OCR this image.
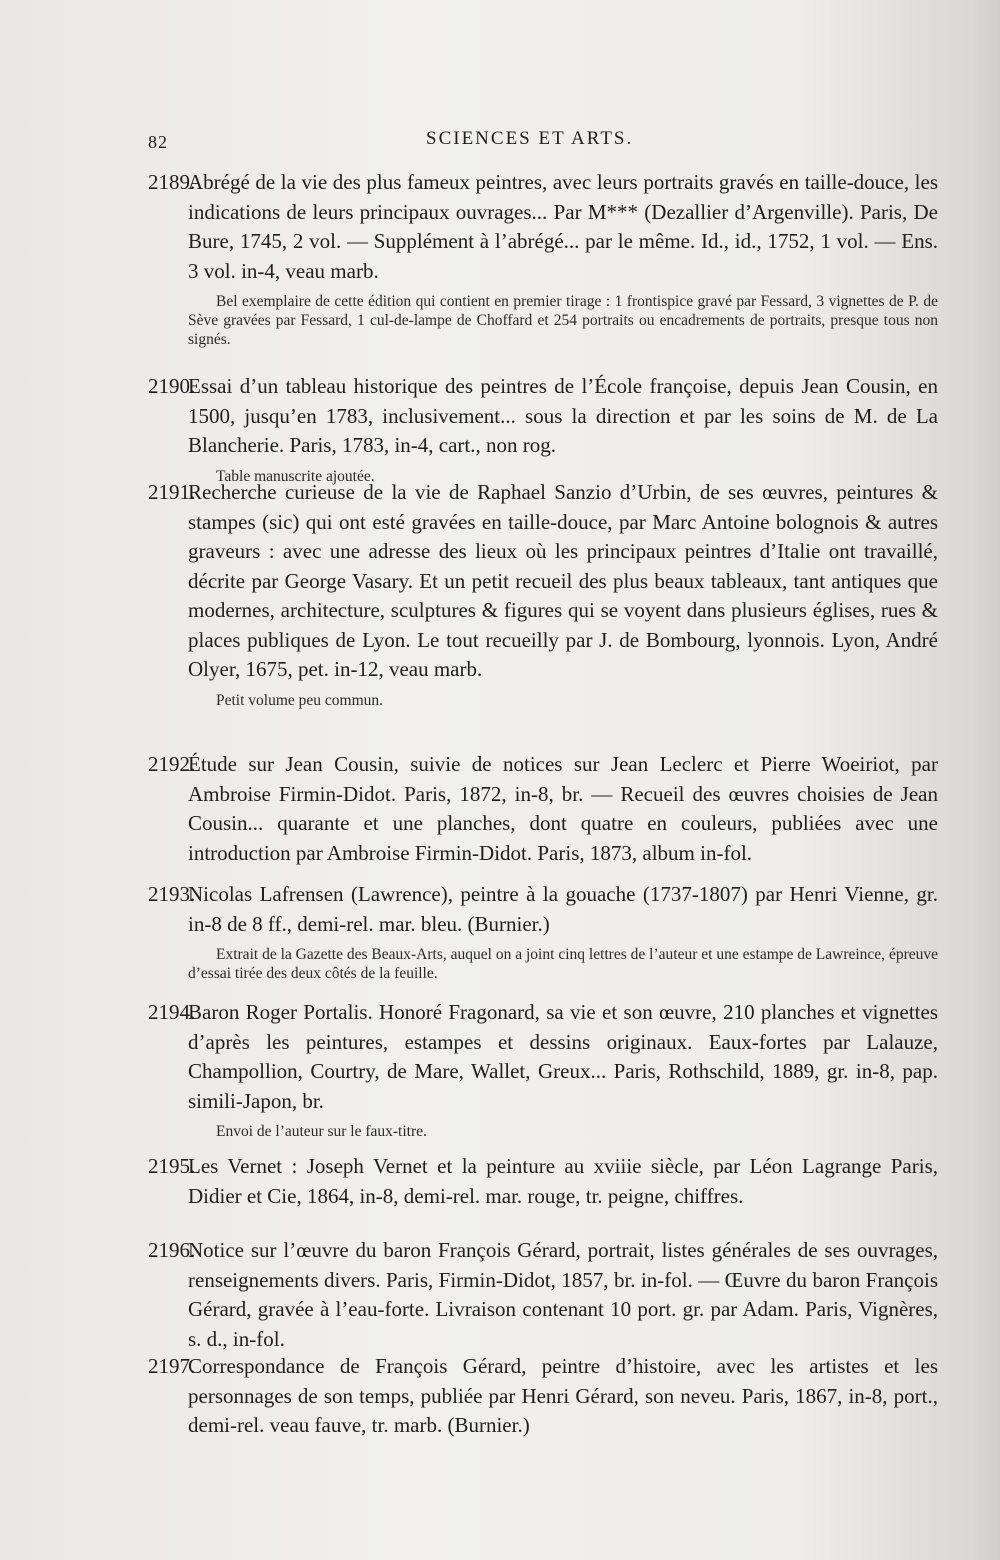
82	SCIENCES ET ARTS.

2189.Abrégé de la vie des plus fameux peintres, avec leurs portraits gravés en taille-douce, les indications de leurs principaux ouvrages... Par M*** (Dezallier d’Argenville). Paris, De Bure, 1745, 2 vol. — Supplément à l’abrégé... par le même. Id., id., 1752, 1 vol. — Ens. 3 vol. in-4, veau marb.

Bel exemplaire de cette édition qui contient en premier tirage : 1 frontispice gravé par Fessard, 3 vignettes de P. de Sève gravées par Fessard, 1 cul-de-lampe de Choffard et 254 portraits ou encadrements de portraits, presque tous non signés.

2190.Essai d’un tableau historique des peintres de l’École françoise, depuis Jean Cousin, en 1500, jusqu’en 1783, inclusivement... sous la direction et par les soins de M. de La Blancherie. Paris, 1783, in-4, cart., non rog.

Table manuscrite ajoutée.

2191.Recherche curieuse de la vie de Raphael Sanzio d’Urbin, de ses œuvres, peintures & stampes (sic) qui ont esté gravées en taille-douce, par Marc Antoine bolognois & autres graveurs : avec une adresse des lieux où les principaux peintres d’Italie ont travaillé, décrite par George Vasary. Et un petit recueil des plus beaux tableaux, tant antiques que modernes, architecture, sculptures & figures qui se voyent dans plusieurs églises, rues & places publiques de Lyon. Le tout recueilly par J. de Bombourg, lyonnois. Lyon, André Olyer, 1675, pet. in-12, veau marb.

Petit volume peu commun.

2192.Étude sur Jean Cousin, suivie de notices sur Jean Leclerc et Pierre Woeiriot, par Ambroise Firmin-Didot. Paris, 1872, in-8, br. — Recueil des œuvres choisies de Jean Cousin... quarante et une planches, dont quatre en couleurs, publiées avec une introduction par Ambroise Firmin-Didot. Paris, 1873, album in-fol.

2193.Nicolas Lafrensen (Lawrence), peintre à la gouache (1737-1807) par Henri Vienne, gr. in-8 de 8 ff., demi-rel. mar. bleu. (Burnier.)

Extrait de la Gazette des Beaux-Arts, auquel on a joint cinq lettres de l’auteur et une estampe de Lawreince, épreuve d’essai tirée des deux côtés de la feuille.

2194.Baron Roger Portalis. Honoré Fragonard, sa vie et son œuvre, 210 planches et vignettes d’après les peintures, estampes et dessins originaux. Eaux-fortes par Lalauze, Champollion, Courtry, de Mare, Wallet, Greux... Paris, Rothschild, 1889, gr. in-8, pap. simili-Japon, br.

Envoi de l’auteur sur le faux-titre.

2195.Les Vernet : Joseph Vernet et la peinture au xviiie siècle, par Léon Lagrange Paris, Didier et Cie, 1864, in-8, demi-rel. mar. rouge, tr. peigne, chiffres.

2196.Notice sur l’œuvre du baron François Gérard, portrait, listes générales de ses ouvrages, renseignements divers. Paris, Firmin-Didot, 1857, br. in-fol. — Œuvre du baron François Gérard, gravée à l’eau-forte. Livraison contenant 10 port. gr. par Adam. Paris, Vignères, s. d., in-fol.

2197.Correspondance de François Gérard, peintre d’histoire, avec les artistes et les personnages de son temps, publiée par Henri Gérard, son neveu. Paris, 1867, in-8, port., demi-rel. veau fauve, tr. marb. (Burnier.)
